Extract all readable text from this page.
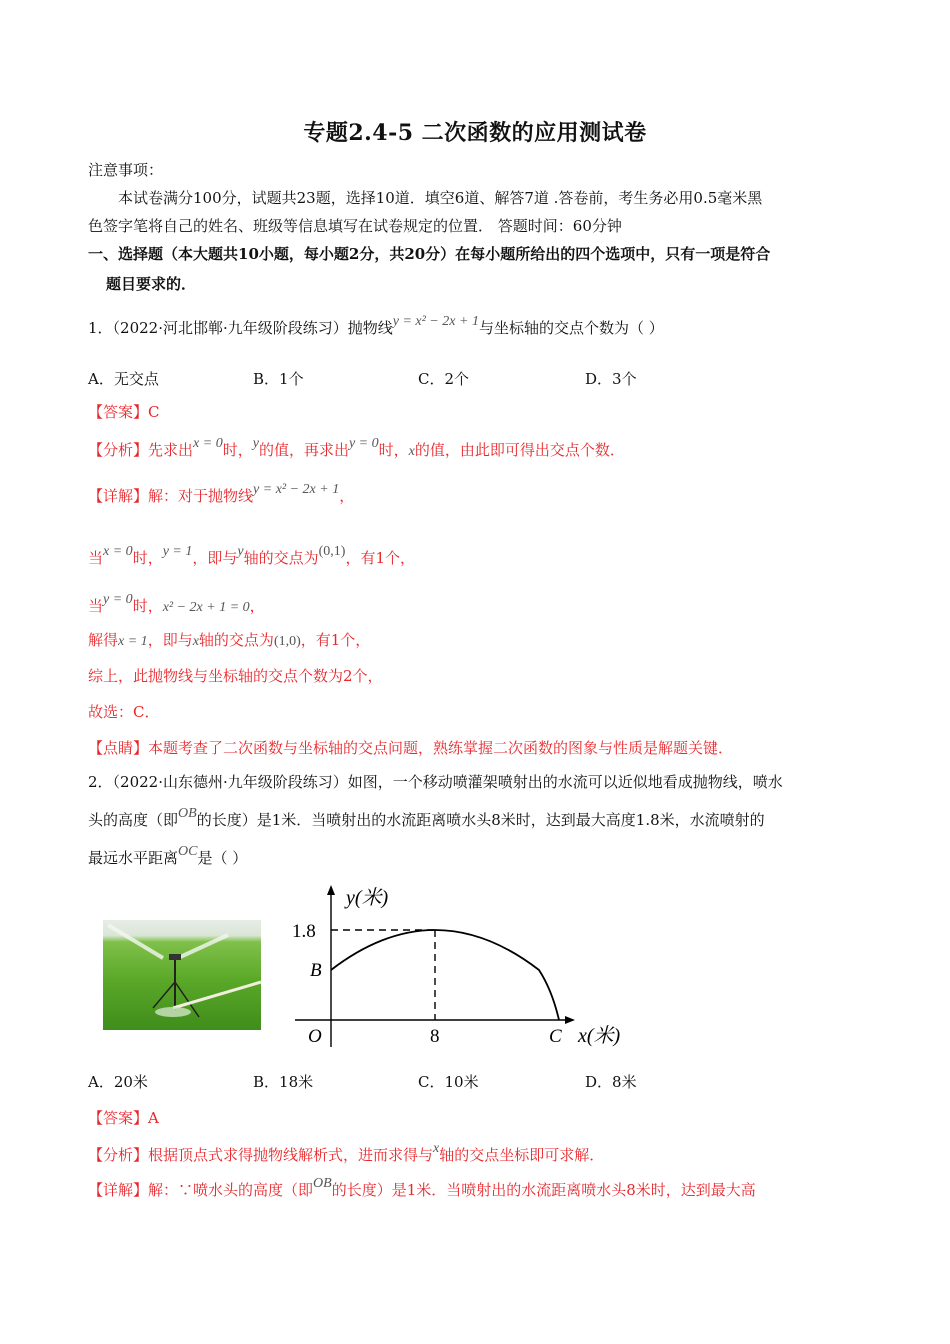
专题2.4-5 二次函数的应用测试卷
注意事项：
本试卷满分100分，试题共23题，选择10道．填空6道、解答7道 .答卷前，考生务必用0.5毫米黑
色签字笔将自己的姓名、班级等信息填写在试卷规定的位置． 答题时间：60分钟
一、选择题（本大题共10小题，每小题2分，共20分）在每小题所给出的四个选项中，只有一项是符合
题目要求的．
1．（2022·河北邯郸·九年级阶段练习）抛物线y = x² − 2x + 1与坐标轴的交点个数为（ ）
A．无交点	B．1个	C．2个	D．3个
【答案】C
【分析】先求出x = 0时，y的值，再求出y = 0时，x的值，由此即可得出交点个数．
【详解】解：对于抛物线y = x² − 2x + 1，
当x = 0时，y = 1，即与y轴的交点为(0,1)，有1个，
当y = 0时，x² − 2x + 1 = 0，
解得x = 1，即与x轴的交点为(1,0)，有1个，
综上，此抛物线与坐标轴的交点个数为2个，
故选：C．
【点睛】本题考查了二次函数与坐标轴的交点问题，熟练掌握二次函数的图象与性质是解题关键．
2．（2022·山东德州·九年级阶段练习）如图，一个移动喷灌架喷射出的水流可以近似地看成抛物线，喷水
头的高度（即OB的长度）是1米．当喷射出的水流距离喷水头8米时，达到最大高度1.8米，水流喷射的
最远水平距离OC是（ ）
y(米)
1.8
B
O	8	C x(米)
A．20米	B．18米	C．10米	D．8米
【答案】A
【分析】根据顶点式求得抛物线解析式，进而求得与x轴的交点坐标即可求解．
【详解】解：∵喷水头的高度（即OB的长度）是1米．当喷射出的水流距离喷水头8米时，达到最大高
